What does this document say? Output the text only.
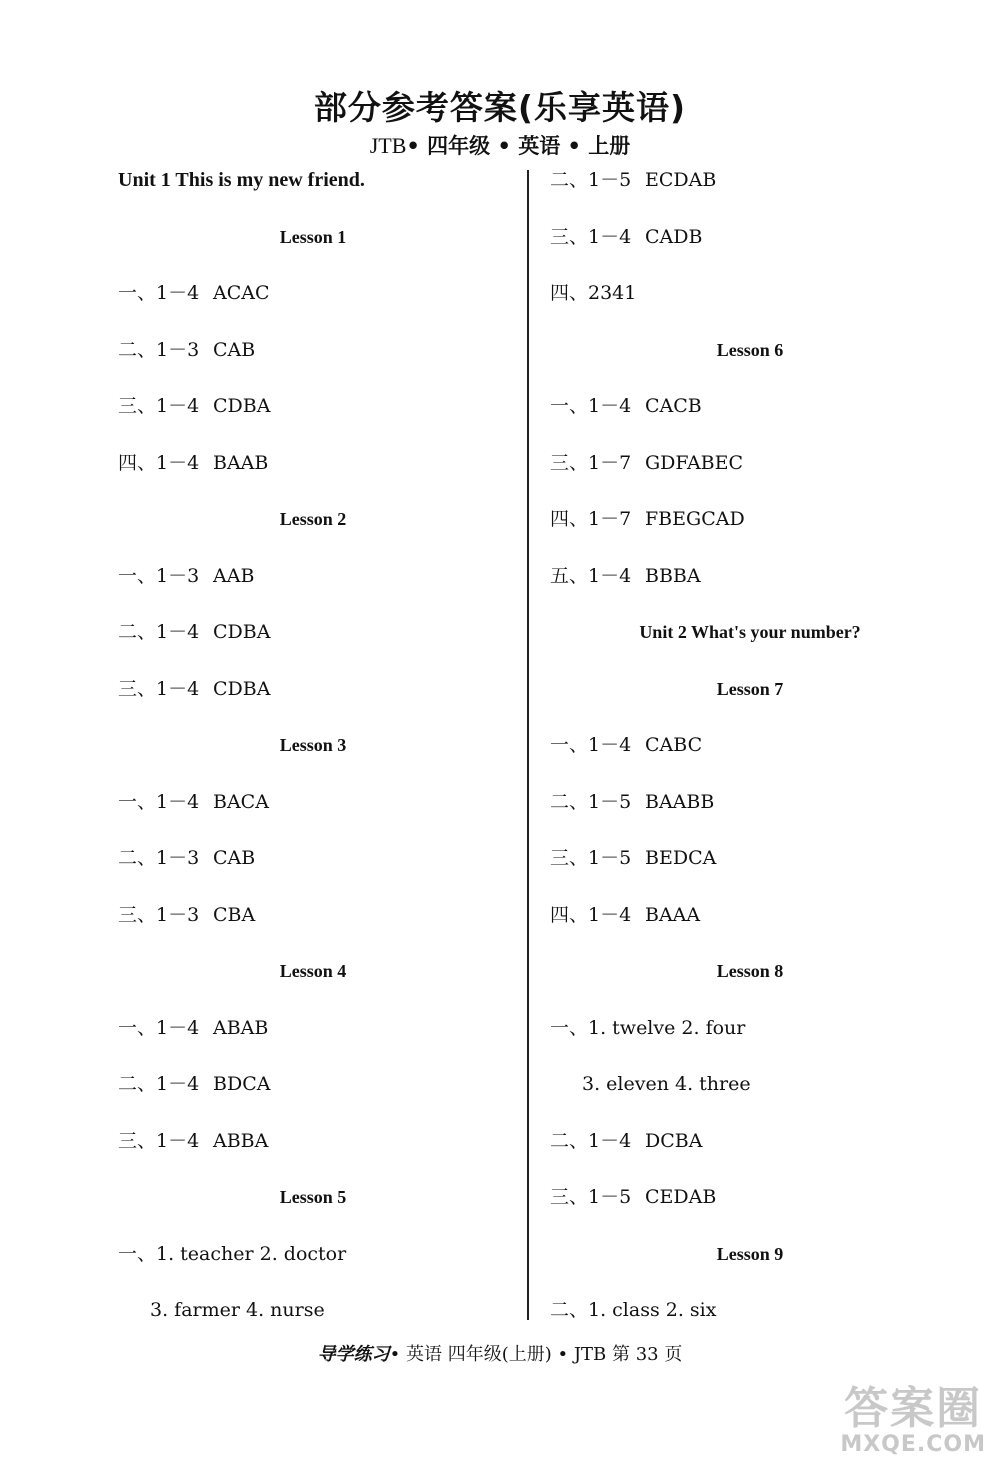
部分参考答案(乐享英语)
JTB• 四年级 • 英语 • 上册
Unit 1 This is my new friend.
Lesson 1
一、1－4 ACAC
二、1－3 CAB
三、1－4 CDBA
四、1－4 BAAB
Lesson 2
一、1－3 AAB
二、1－4 CDBA
三、1－4 CDBA
Lesson 3
一、1－4 BACA
二、1－3 CAB
三、1－3 CBA
Lesson 4
一、1－4 ABAB
二、1－4 BDCA
三、1－4 ABBA
Lesson 5
一、1. teacher 2. doctor
3. farmer 4. nurse
二、1－5 ECDAB
三、1－4 CADB
四、2341
Lesson 6
一、1－4 CACB
三、1－7 GDFABEC
四、1－7 FBEGCAD
五、1－4 BBBA
Unit 2 What's your number?
Lesson 7
一、1－4 CABC
二、1－5 BAABB
三、1－5 BEDCA
四、1－4 BAAA
Lesson 8
一、1. twelve 2. four
3. eleven 4. three
二、1－4 DCBA
三、1－5 CEDAB
Lesson 9
二、1. class 2. six
导学练习• 英语 四年级(上册) • JTB 第 33 页
答案圈
MXQE.COM
